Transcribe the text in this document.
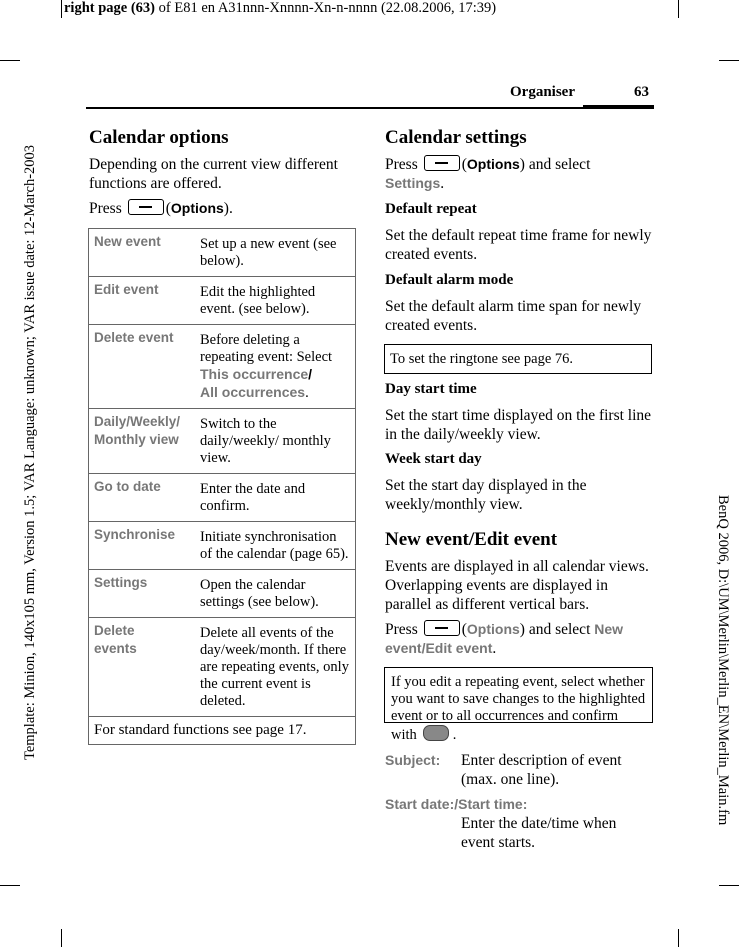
right page (63) of E81 en A31nnn-Xnnnn-Xn-n-nnnn (22.08.2006, 17:39)
Template: Minion, 140x105 mm, Version 1.5; VAR Language: unknown; VAR issue date: 12-March-2003	BenQ 2006, D:\UM\Merlin\Merlin_EN\Merlin_Main.fm
Organiser	63
Calendar options

Depending on the current view different functions are offered.

Press	(Options).

New event	Set up a new event (see below).
Edit event	Edit the highlighted event. (see below).
Delete event	Before deleting a repeating event: Select This occurrence/
All occurrences.
Daily/Weekly/ Monthly view	Switch to the daily/weekly/ monthly view.
Go to date	Enter the date and confirm.
Synchronise	Initiate synchronisation of the calendar (page 65).
Settings	Open the calendar settings (see below).
Delete events	Delete all events of the day/week/month. If there are repeating events, only the current event is deleted.
For standard functions see page 17.	
Calendar settings

Press	(Options) and select
Settings.

Default repeat

Set the default repeat time frame for newly created events.

Default alarm mode

Set the default alarm time span for newly created events.

To set the ringtone see page 76.
Day start time

Set the start time displayed on the first line in the daily/weekly view.

Week start day

Set the start day displayed in the weekly/monthly view.

New event/Edit event

Events are displayed in all calendar views. Overlapping events are displayed in parallel as different vertical bars.

Press	(Options) and select New event/Edit event.

If you edit a repeating event, select whether you want to save changes to the highlighted event or to all occurrences and confirm with .
Subject: Enter description of event (max. one line).

Start date:/Start time:

Enter the date/time when event starts.
